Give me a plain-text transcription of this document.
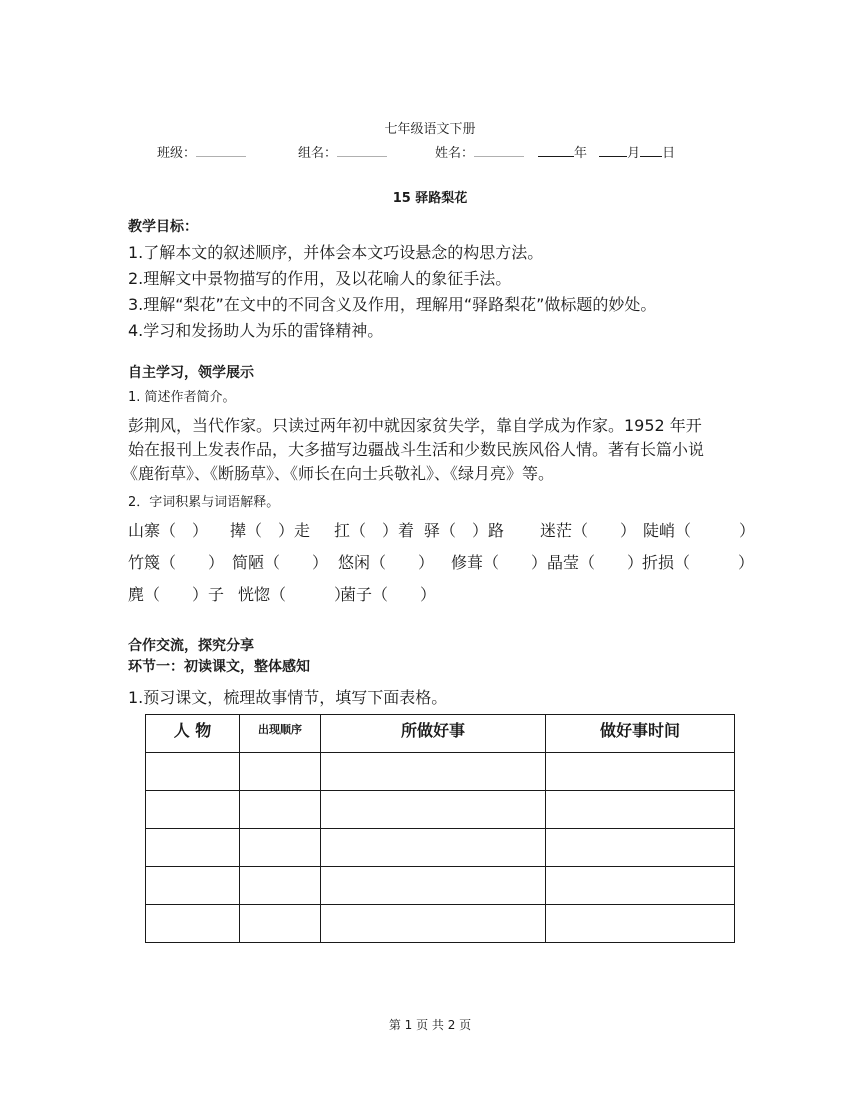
七年级语文下册
班级：	组名：	姓名：	年	月 日
15 驿路梨花
教学目标：
1.了解本文的叙述顺序，并体会本文巧设悬念的构思方法。
2.理解文中景物描写的作用，及以花喻人的象征手法。
3.理解“梨花”在文中的不同含义及作用，理解用“驿路梨花”做标题的妙处。
4.学习和发扬助人为乐的雷锋精神。
自主学习，领学展示
1. 简述作者简介。
彭荆风，当代作家。只读过两年初中就因家贫失学，靠自学成为作家。1952 年开
始在报刊上发表作品，大多描写边疆战斗生活和少数民族风俗人情。著有长篇小说
《鹿衔草》、《断肠草》、《师长在向士兵敬礼》、《绿月亮》等。
2．字词积累与词语解释。
山寨（　） 撵（　）走 扛（　）着 驿（　）路 迷茫（　　） 陡峭（　　　）
竹篾（　　） 简陋（　　） 悠闲（　　） 修葺（　　） 晶莹（　　）
折损（　　　）
麂（　　）子 恍惚（　　　）
菌子（　　）
合作交流，探究分享
环节一：初读课文，整体感知
1.预习课文，梳理故事情节，填写下面表格。
人 物	出现顺序	所做好事	做好事时间

第 1 页 共 2 页
